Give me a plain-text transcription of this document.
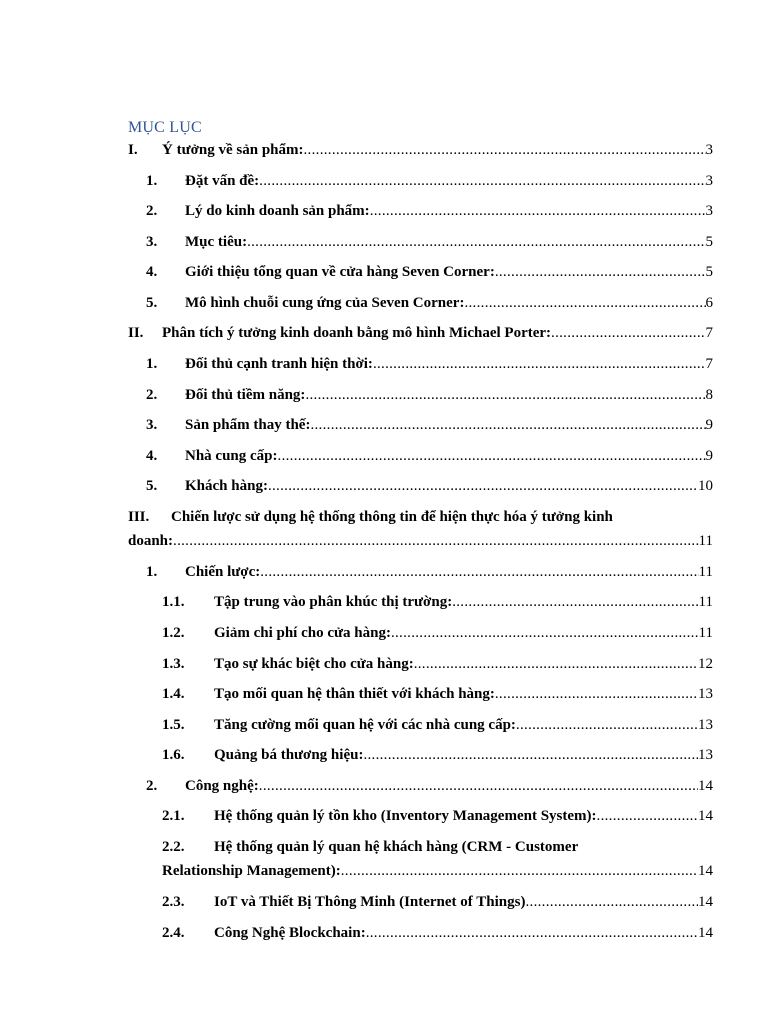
MỤC LỤC
I. Ý tưởng về sản phẩm: .....	3
1. Đặt vấn đề: .....	3
2. Lý do kinh doanh sản phẩm: .....	3
3. Mục tiêu: .....	5
4. Giới thiệu tổng quan về cửa hàng Seven Corner: .....	5
5. Mô hình chuỗi cung ứng của Seven Corner: .....	6
II. Phân tích ý tưởng kinh doanh bằng mô hình Michael Porter: .....	7
1. Đối thủ cạnh tranh hiện thời: .....	7
2. Đối thủ tiềm năng: .....	8
3. Sản phẩm thay thế: .....	9
4. Nhà cung cấp: .....	9
5. Khách hàng: .....	10
III. Chiến lược sử dụng hệ thống thông tin để hiện thực hóa ý tưởng kinh
doanh: .....	11
1. Chiến lược: .....	11
1.1. Tập trung vào phân khúc thị trường: .....	11
1.2. Giảm chi phí cho cửa hàng: .....	11
1.3. Tạo sự khác biệt cho cửa hàng: .....	12
1.4. Tạo mối quan hệ thân thiết với khách hàng: .....	13
1.5. Tăng cường mối quan hệ với các nhà cung cấp: .....	13
1.6. Quảng bá thương hiệu: .....	13
2. Công nghệ: .....	14
2.1. Hệ thống quản lý tồn kho (Inventory Management System): .....	14
2.2. Hệ thống quản lý quan hệ khách hàng (CRM - Customer
Relationship Management): .....	14
2.3. IoT và Thiết Bị Thông Minh (Internet of Things) .....	14
2.4. Công Nghệ Blockchain: .....	14
